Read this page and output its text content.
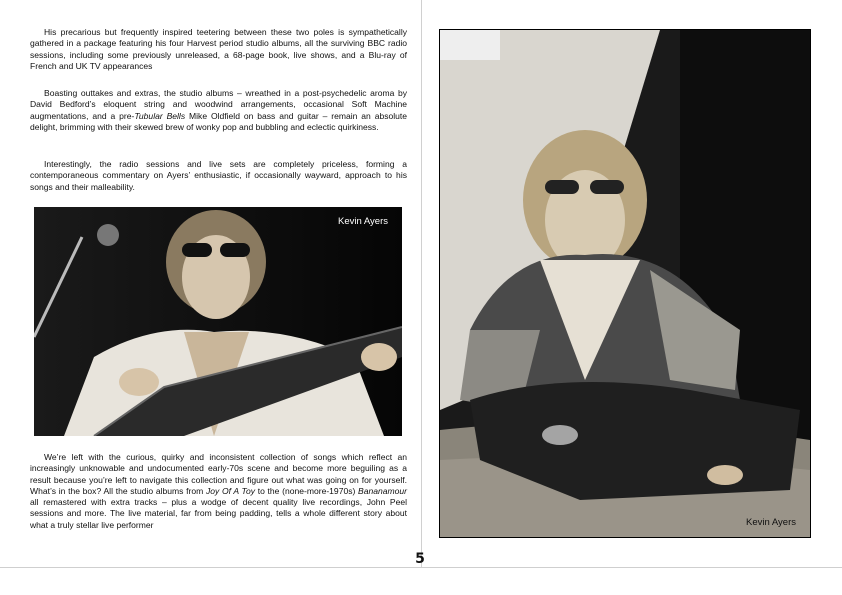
His precarious but frequently inspired teetering between these two poles is sympathetically gathered in a package featuring his four Harvest period studio albums, all the surviving BBC radio sessions, including some previously unreleased, a 68-page book, live shows, and a Blu-ray of French and UK TV appearances

Boasting outtakes and extras, the studio albums – wreathed in a post-psychedelic aroma by David Bedford’s eloquent string and woodwind arrangements, occasional Soft Machine augmentations, and a pre-Tubular Bells Mike Oldfield on bass and guitar – remain an absolute delight, brimming with their skewed brew of wonky pop and bubbling and eclectic quirkiness.

Interestingly, the radio sessions and live sets are completely priceless, forming a contemporaneous commentary on Ayers’ enthusiastic, if occasionally wayward, approach to his songs and their malleability.

Kevin Ayers

We’re left with the curious, quirky and inconsistent collection of songs which reflect an increasingly unknowable and undocumented early-70s scene and become more beguiling as a result because you’re left to navigate this collection and figure out what was going on for yourself. What’s in the box? All the studio albums from Joy Of A Toy to the (none-more-1970s) Bananamour all remastered with extra tracks – plus a wodge of decent quality live recordings, John Peel sessions and more. The live material, far from being padding, tells a whole different story about what a truly stellar live performer	Kevin Ayers
5
